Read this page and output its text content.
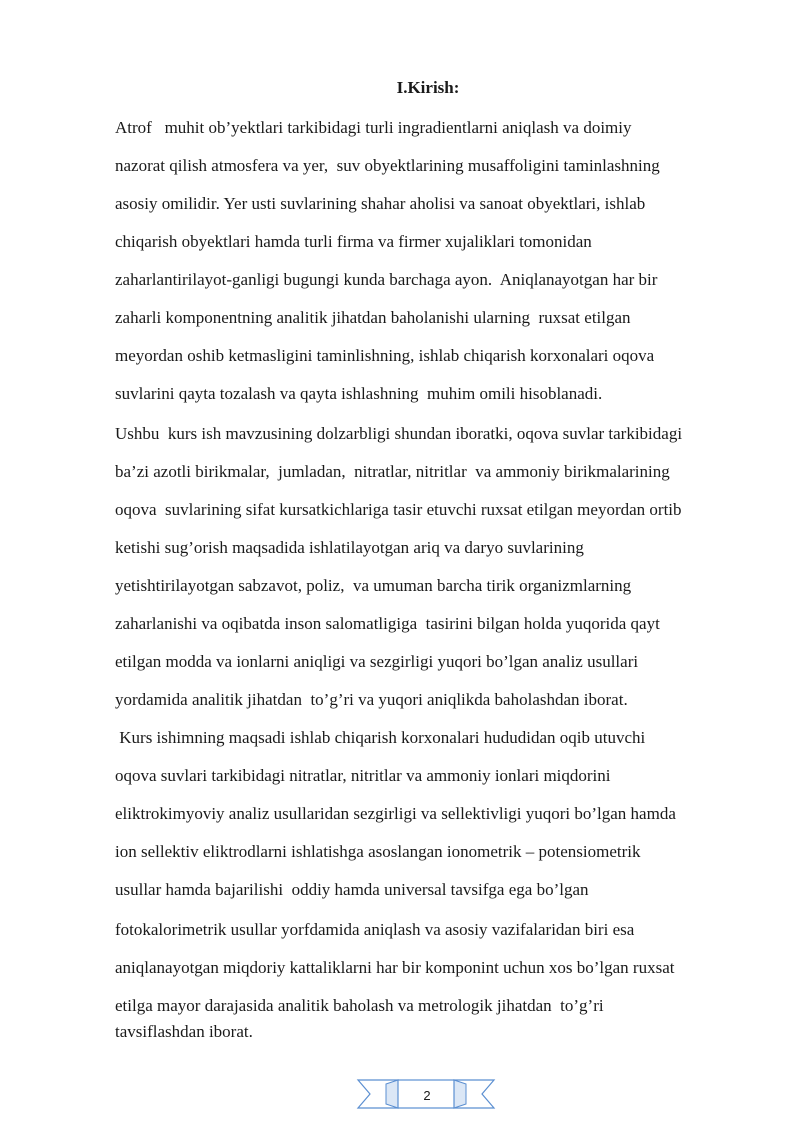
I.Kirish:
Atrof   muhit ob’yektlari tarkibidagi turli ingradientlarni aniqlash va doimiy
nazorat qilish atmosfera va yer,  suv obyektlarining musaffoligini taminlashning
asosiy omilidir. Yer usti suvlarining shahar aholisi va sanoat obyektlari, ishlab
chiqarish obyektlari hamda turli firma va firmer xujaliklari tomonidan
zaharlantirilayot-ganligi bugungi kunda barchaga ayon.  Aniqlanayotgan har bir
zaharli komponentning analitik jihatdan baholanishi ularning  ruxsat etilgan
meyordan oshib ketmasligini taminlishning, ishlab chiqarish korxonalari oqova
suvlarini qayta tozalash va qayta ishlashning  muhim omili hisoblanadi.
Ushbu  kurs ish mavzusining dolzarbligi shundan iboratki, oqova suvlar tarkibidagi
ba’zi azotli birikmalar,  jumladan,  nitratlar, nitritlar  va ammoniy birikmalarining
oqova  suvlarining sifat kursatkichlariga tasir etuvchi ruxsat etilgan meyordan ortib
ketishi sug’orish maqsadida ishlatilayotgan ariq va daryo suvlarining
yetishtirilayotgan sabzavot, poliz,  va umuman barcha tirik organizmlarning
zaharlanishi va oqibatda inson salomatligiga  tasirini bilgan holda yuqorida qayt
etilgan modda va ionlarni aniqligi va sezgirligi yuqori bo’lgan analiz usullari
yordamida analitik jihatdan  to’g’ri va yuqori aniqlikda baholashdan iborat.
Kurs ishimning maqsadi ishlab chiqarish korxonalari hududidan oqib utuvchi
oqova suvlari tarkibidagi nitratlar, nitritlar va ammoniy ionlari miqdorini
eliktrokimyoviy analiz usullaridan sezgirligi va sellektivligi yuqori bo’lgan hamda
ion sellektiv eliktrodlarni ishlatishga asoslangan ionometrik – potensiometrik
usullar hamda bajarilishi  oddiy hamda universal tavsifga ega bo’lgan
fotokalorimetrik usullar yorfdamida aniqlash va asosiy vazifalaridan biri esa
aniqlanayotgan miqdoriy kattaliklarni har bir komponint uchun xos bo’lgan ruxsat
etilga mayor darajasida analitik baholash va metrologik jihatdan  to’g’ri
tavsiflashdan iborat.
2
